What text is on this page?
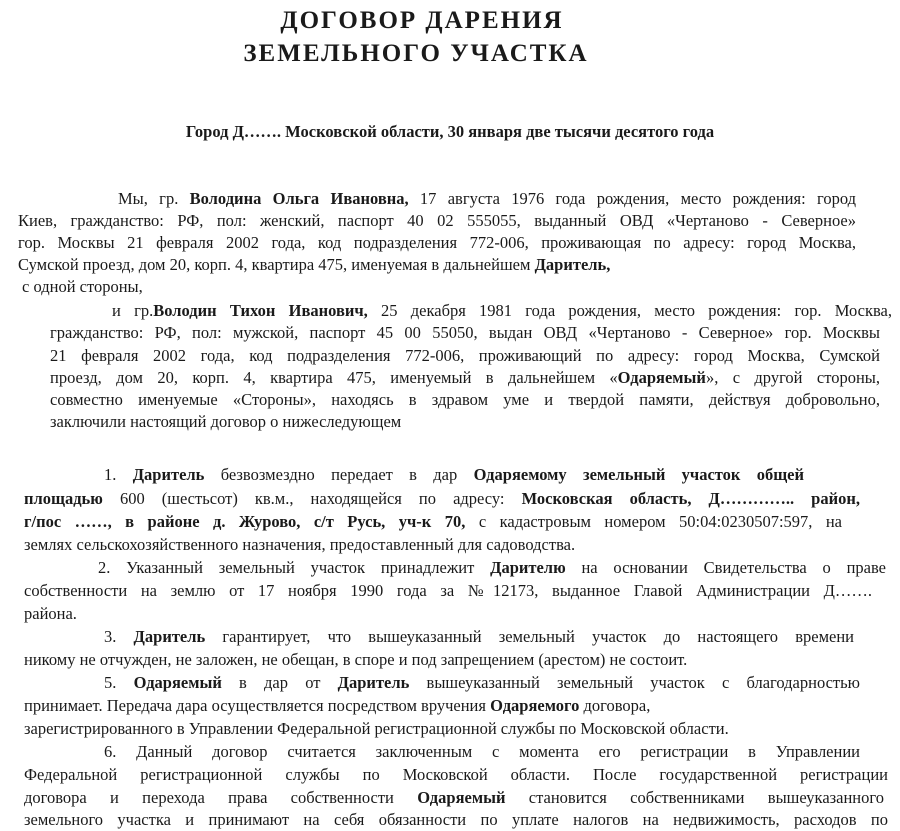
ДОГОВОР ДАРЕНИЯ
ЗЕМЕЛЬНОГО УЧАСТКА
Город Д……. Московской области, 30 января две тысячи десятого года
Мы, гр. Володина Ольга Ивановна, 17 августа 1976 года рождения, место рождения: город
Киев, гражданство: РФ, пол: женский, паспорт 40 02 555055, выданный ОВД «Чертаново - Северное»
гор. Москвы 21 февраля 2002 года, код подразделения 772-006, проживающая по адресу: город Москва,
Сумской проезд, дом 20, корп. 4, квартира 475, именуемая в дальнейшем Даритель,
с одной стороны,
и гр.Володин Тихон Иванович, 25 декабря 1981 года рождения, место рождения: гор. Москва,
гражданство: РФ, пол: мужской, паспорт 45 00 55050, выдан ОВД «Чертаново - Северное» гор. Москвы
21 февраля 2002 года, код подразделения 772-006, проживающий по адресу: город Москва, Сумской
проезд, дом 20, корп. 4, квартира 475, именуемый в дальнейшем «Одаряемый», с другой стороны,
совместно именуемые «Стороны», находясь в здравом уме и твердой памяти, действуя добровольно,
заключили настоящий договор о нижеследующем
1. Даритель безвозмездно передает в дар Одаряемому земельный участок общей
площадью 600 (шестьсот) кв.м., находящейся по адресу: Московская область, Д………….. район,
г/пос ……, в районе д. Журово, с/т Русь, уч-к 70, с кадастровым номером 50:04:0230507:597, на
землях сельскохозяйственного назначения, предоставленный для садоводства.
2. Указанный земельный участок принадлежит Дарителю на основании Свидетельства о праве
собственности на землю от 17 ноября 1990 года за №12173, выданное Главой Администрации Д…….
района.
3. Даритель гарантирует, что вышеуказанный земельный участок до настоящего времени
никому не отчужден, не заложен, не обещан, в споре и под запрещением (арестом) не состоит.
5. Одаряемый в дар от Даритель вышеуказанный земельный участок с благодарностью
принимает. Передача дара осуществляется посредством вручения Одаряемого договора,
зарегистрированного в Управлении Федеральной регистрационной службы по Московской области.
6. Данный договор считается заключенным с момента его регистрации в Управлении
Федеральной регистрационной службы по Московской области. После государственной регистрации
договора и перехода права собственности Одаряемый становится собственниками вышеуказанного
земельного участка и принимают на себя обязанности по уплате налогов на недвижимость, расходов по
